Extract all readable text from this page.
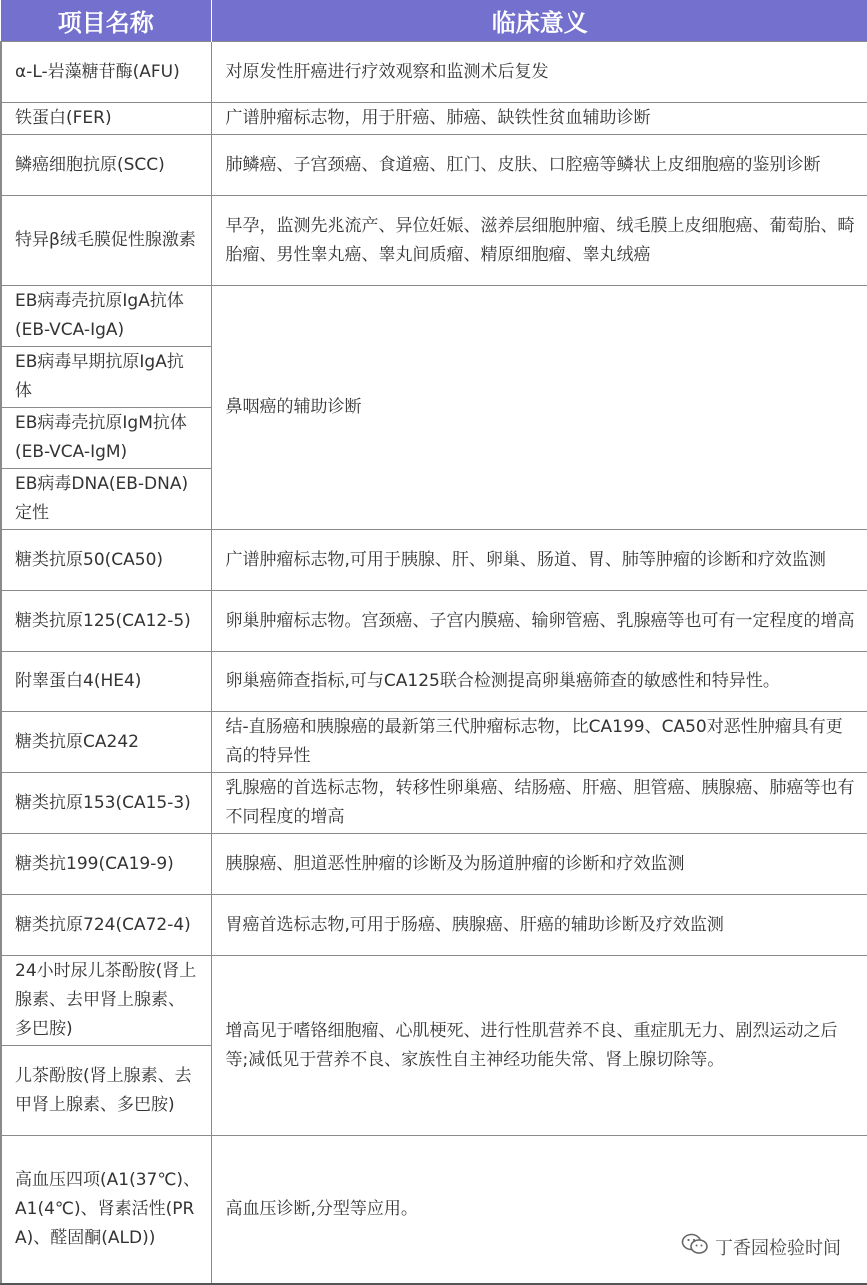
项目名称	临床意义
α-L-岩藻糖苷酶(AFU)	对原发性肝癌进行疗效观察和监测术后复发
铁蛋白(FER)	广谱肿瘤标志物，用于肝癌、肺癌、缺铁性贫血辅助诊断
鳞癌细胞抗原(SCC)	肺鳞癌、子宫颈癌、食道癌、肛门、皮肤、口腔癌等鳞状上皮细胞癌的鉴别诊断
特异β绒毛膜促性腺激素	早孕，监测先兆流产、异位妊娠、滋养层细胞肿瘤、绒毛膜上皮细胞癌、葡萄胎、畸胎瘤、男性睾丸癌、睾丸间质瘤、精原细胞瘤、睾丸绒癌
EB病毒壳抗原IgA抗体(EB-VCA-IgA)	鼻咽癌的辅助诊断
EB病毒早期抗原IgA抗体	
EB病毒壳抗原IgM抗体(EB-VCA-IgM)	
EB病毒DNA(EB-DNA)定性	
糖类抗原50(CA50)	广谱肿瘤标志物,可用于胰腺、肝、卵巢、肠道、胃、肺等肿瘤的诊断和疗效监测
糖类抗原125(CA12-5)	卵巢肿瘤标志物。宫颈癌、子宫内膜癌、输卵管癌、乳腺癌等也可有一定程度的增高
附睾蛋白4(HE4)	卵巢癌筛查指标,可与CA125联合检测提高卵巢癌筛查的敏感性和特异性。
糖类抗原CA242	结-直肠癌和胰腺癌的最新第三代肿瘤标志物，比CA199、CA50对恶性肿瘤具有更高的特异性
糖类抗原153(CA15-3)	乳腺癌的首选标志物，转移性卵巢癌、结肠癌、肝癌、胆管癌、胰腺癌、肺癌等也有不同程度的增高
糖类抗199(CA19-9)	胰腺癌、胆道恶性肿瘤的诊断及为肠道肿瘤的诊断和疗效监测
糖类抗原724(CA72-4)	胃癌首选标志物,可用于肠癌、胰腺癌、肝癌的辅助诊断及疗效监测
24小时尿儿茶酚胺(肾上腺素、去甲肾上腺素、多巴胺)	增高见于嗜铬细胞瘤、心肌梗死、进行性肌营养不良、重症肌无力、剧烈运动之后等;减低见于营养不良、家族性自主神经功能失常、肾上腺切除等。
儿茶酚胺(肾上腺素、去甲肾上腺素、多巴胺)	
高血压四项(A1(37℃)、A1(4℃)、肾素活性(PRA)、醛固酮(ALD))	高血压诊断,分型等应用。
丁香园检验时间
